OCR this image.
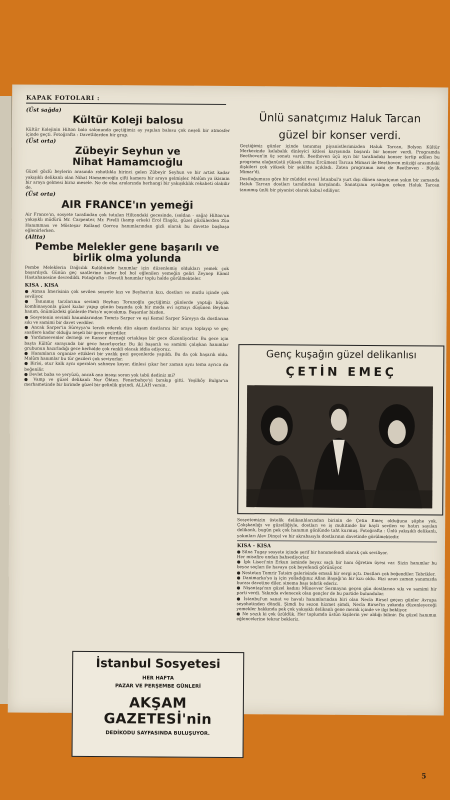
KAPAK FOTOLARI :
(Üst sağda)
Kültür Koleji balosu
Kültür Kolejinin Hilton balo salonunda geçtiğimiz ay yapılan balosu çok neşeli bir atmosfer içinde geçti. Fotoğrafta : Davetlilerden bir grup.
(Üst orta)
Zübeyir Seyhun ve
Nihat Hamamcıoğlu
Güzel gözlü beylerin arasında rahatlıkla birinci gelen Zübeyir Seyhun ve bir artist kadar yakışıklı delikanlı olan Nihat Hamamcıoğlu çifti kamera bir araya gelmişler. Malûm ya ikisinin bir araya gelmesi biraz mesele. Ne de olsa aralarında herhangi bir yakışıklılık rekabeti olabilir de.
(Üst orta)
AIR FRANCE'ın yemeği
Air France'ın, sosyete tarafından çok tutulan Hiltondaki gecesinde, (soldan - sağa) Hilton'un yakışıklı müdürü Mr. Carpenter, Mr. Pirelli (kamp erkek) Erol Elagöz, güzel gözlülerden Züa Hanımması ve Mösteşar Rolland Gorrou hanımlarından gizli olarak bu davette başbaşa eğlenirlerken.
(Altta)
Pembe Melekler gene başarılı ve
birlik olma yolunda
Pembe Meleklerin Dağcılık Kulübünde hanımlar için düzenlemiş oldukları yemek çok başarılıydı. Günün geç saatlerine kadar bol bol eğlenilen yemeğin geliri Zeynep Kâmil Hastahanesine devredildi. Fotoğrafta : Davetli hanımlar toplu halde görülmekteler.
KISA . KISA
● Atman İmerisinin çok sevilen sosyete kızı ve Beyhan'ın kızı, dostları ve mutlu içinde çok seviliyor.
● Tanınmış tarzlarının sevimli Beyhan Torunoğlu geçtiğimiz günlerde yaptığı büyük kombinasyonla güzel kızlar yapıp günün başında çok bir moda evi açmayı düşünen Beyhan hanım, önümüzdeki günlerde Paris'e uçacakmış. Başarılar bizden.
● Sosyetenin sevimli hanımlarından Tomris Sarper ve eşi Kemal Sarper Süreyya da dostlarına sıkı ve samimi bir davet verdiler.
● Ancak Sarper'in Süreyya'sı terzik ederek dün akşam dostlarını bir araya toplayıp ve geç saatlere kadar olduğu neşeli bir gece geçirdiler.
● Yardımsevenler derneği ve Kanser derneği ortaklaşa bir gece düzenliyorlar. Bu gece için başta Kültür sarayında bir gece hazırlıyorlar. Bu iki başarılı ve samimi çalışkan hanımlar grubunun hazırladığı gece herhalde çok renkli olacak iddia ediyoruz.
● Hanımların organize ettikleri bir yazlık gezi geçenlerde yapıldı. Bu da çok başarılı oldu. Malûm hanımlar bu tür gezileri çok seviyorlar.
● Birisi, otur kalk aynı operaları sahneye koyar, dinlesi çıkar her zaman aynı tema ayrıca da beğenilir.
● Devlet baba ve yeryüzü, ancak ana insaşı soran yok tabii dediniz mi?
● Vamp ve güzel delikanlı Nur Ökten. Fenerbahçe'yi bırakıp gitti. Yeşilköy Bulgar'ın merhametinde bir birimde güzel bir gelinlik giyindi. ALLAH versin.
İstanbul Sosyetesi
HER HAFTA
PAZAR VE PERŞEMBE GÜNLERİ
AKŞAM GAZETESİ'nin
DEDİKODU SAYFASINDA BULUŞUYOR.
Ünlü sanatçımız Haluk Tarcan
güzel bir konser verdi.
Geçtiğimiz günler içinde tanınmış piyanistlerimizden Haluk Tarcan, Bolyon Kültür Merkezinde kalabalık dinleyici kitlesi karşısında başarılı bir konser verdi. Programda Beethoven'in üç sonatı vardı. Beethoven üçü ayrı bir tarafındaki konser tertip edilen bu programa olağanüstü yüksek ırmaz Ercüment Tarcan Mimari ile Beethoven müziği arasındaki ilişkileri çok yüksek bir şekilde açıkladı. Zaten programın ismi de Beethoven - Büyük Mimar'di.
Dostluğumuza göre bir müddet evvel İstanbul'a yurt dışı dönen sanatçının yakın bir zamanda Haluk Tarcan dostları tarafından karşılandı. Sanatçının ayrılığını çeken Haluk Tarcan tanınmış ünlü bir piyanist olarak kabul ediliyor.
Genç kuşağın güzel delikanlısı
ÇETİN EMEÇ
Sosyetemizin üstelik delikanlılarından birinin de Çetin Emeç olduğuna şüphe yok. Çalışkanlığı ve güzelliğiyle, dostları ve iş muhitinde bir hayli sevilen ve hatırı sayılan delikanlı, bugün pek çok hanımın gönlünde taht kurmuş. Fotoğrafta : Ünlü yakışıklı delikanlı, yakınları Alev Dinçel ve bir akrabasıyla dostlarının davetinde görülmektedir.
KISA - KISA
● Silna Tugay sosyete içinde şerif bir hanımefendi olarak çok seviliyor.
Her misafire ondan bahsediyorlar.
● İpk Liseci'nin Erkun isminde beyaz saçlı bir hanı öğretim üyesi var. Sizin hanımlar bu beyaz saçları ile havaya çok beyefendi görünüyor.
● Nesteten Tomrir Tatsim galerisinde emsali bir sergi açtı. Dostları çok beğendiler. Tebrikler.
● Danimarka'ya iş için yolladığınız Aflan Başağı'ın bir kızı oldu. Bizi uzun zaman yanımızda burası davetine diler, sinema başı tebrik ederiz.
● Nişantaşı'nın güzel kadını Münevver Sermayan geçen gün dostlarına sıkı ve samimi bir parti verdi. Yakında evlenecek olan gençler de bu partide bulundular.
● İstanbul'un sanat ve havalı hanımlarından biri olan Necla Birsel geçen günler Avrupa seyahatinden döndü. Şimdi bu sezon hizmet şimdi, Necla Birsel'in yakında düzenleyeceği yemekler hakkında pek çok yakışıklı delikanlı gene merak içinde ve ilgi bekliyor.
● Ne yazık ki çok üzüldük. Her toplumda üstün kişilerin yer aldığı bilinir. Bu güzel hanımın eğlencelerine tekrar bekleriz.
5
